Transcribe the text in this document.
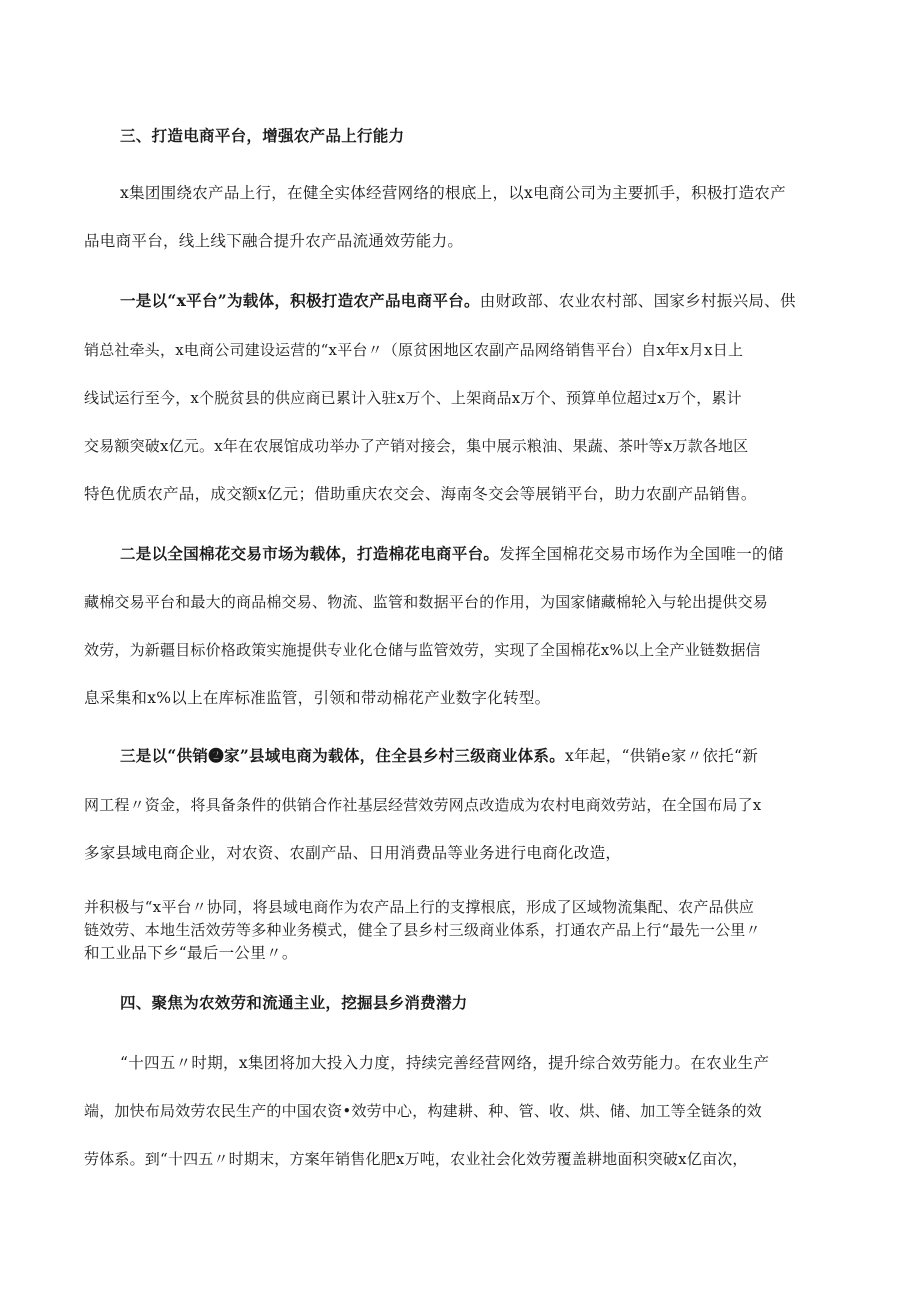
三、打造电商平台，增强农产品上行能力
x集团围绕农产品上行，在健全实体经营网络的根底上，以x电商公司为主要抓手，积极打造农产
品电商平台，线上线下融合提升农产品流通效劳能力。
一是以“x平台”为载体，积极打造农产品电商平台。由财政部、农业农村部、国家乡村振兴局、供
销总社牵头，x电商公司建设运营的“x平台〃（原贫困地区农副产品网络销售平台）自x年x月x日上
线试运行至今，x个脱贫县的供应商已累计入驻x万个、上架商品x万个、预算单位超过x万个，累计
交易额突破x亿元。x年在农展馆成功举办了产销对接会，集中展示粮油、果蔬、茶叶等x万款各地区
特色优质农产品，成交额x亿元；借助重庆农交会、海南冬交会等展销平台，助力农副产品销售。
二是以全国棉花交易市场为载体，打造棉花电商平台。发挥全国棉花交易市场作为全国唯一的储
藏棉交易平台和最大的商品棉交易、物流、监管和数据平台的作用，为国家储藏棉轮入与轮出提供交易
效劳，为新疆目标价格政策实施提供专业化仓储与监管效劳，实现了全国棉花x%以上全产业链数据信
息采集和x%以上在库标准监管，引领和带动棉花产业数字化转型。
三是以“供销❷家”县域电商为载体，住全县乡村三级商业体系。x年起，“供销e家〃依托“新
网工程〃资金，将具备条件的供销合作社基层经营效劳网点改造成为农村电商效劳站，在全国布局了x
多家县域电商企业，对农资、农副产品、日用消费品等业务进行电商化改造，
并积极与“x平台〃协同，将县域电商作为农产品上行的支撑根底，形成了区域物流集配、农产品供应
链效劳、本地生活效劳等多种业务模式，健全了县乡村三级商业体系，打通农产品上行“最先一公里〃
和工业品下乡“最后一公里〃。
四、聚焦为农效劳和流通主业，挖掘县乡消费潜力
“十四五〃时期，x集团将加大投入力度，持续完善经营网络，提升综合效劳能力。在农业生产
端，加快布局效劳农民生产的中国农资•效劳中心，构建耕、种、管、收、烘、储、加工等全链条的效
劳体系。到“十四五〃时期末，方案年销售化肥x万吨，农业社会化效劳覆盖耕地面积突破x亿亩次，
